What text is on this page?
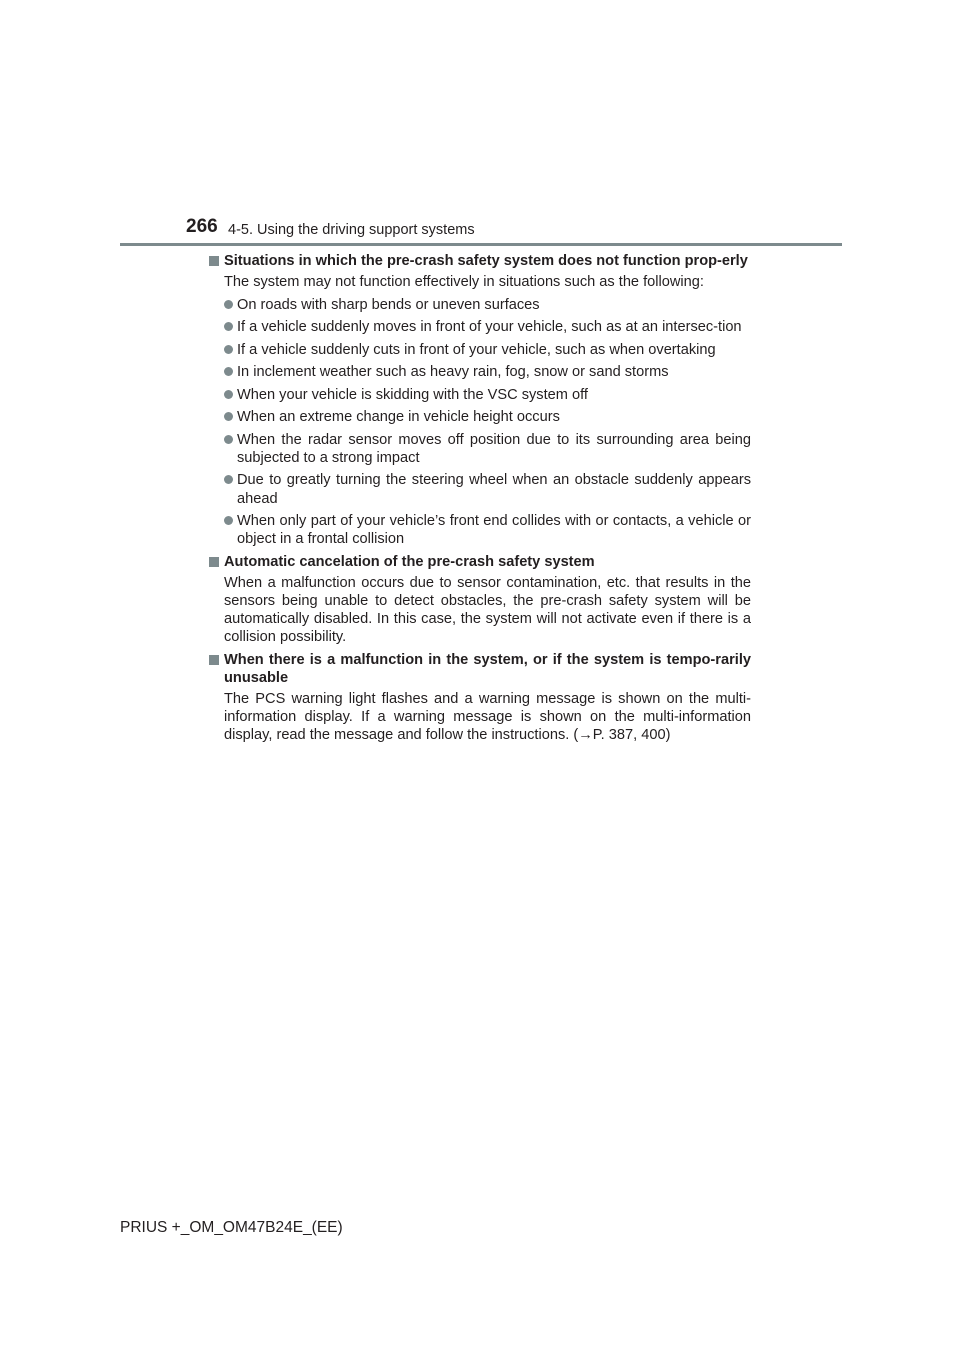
266 4-5. Using the driving support systems
Situations in which the pre-crash safety system does not function prop-erly
The system may not function effectively in situations such as the following:
On roads with sharp bends or uneven surfaces
If a vehicle suddenly moves in front of your vehicle, such as at an intersec-tion
If a vehicle suddenly cuts in front of your vehicle, such as when overtaking
In inclement weather such as heavy rain, fog, snow or sand storms
When your vehicle is skidding with the VSC system off
When an extreme change in vehicle height occurs
When the radar sensor moves off position due to its surrounding area being subjected to a strong impact
Due to greatly turning the steering wheel when an obstacle suddenly appears ahead
When only part of your vehicle’s front end collides with or contacts, a vehicle or object in a frontal collision
Automatic cancelation of the pre-crash safety system
When a malfunction occurs due to sensor contamination, etc. that results in the sensors being unable to detect obstacles, the pre-crash safety system will be automatically disabled. In this case, the system will not activate even if there is a collision possibility.
When there is a malfunction in the system, or if the system is tempo-rarily unusable
The PCS warning light flashes and a warning message is shown on the multi-information display. If a warning message is shown on the multi-information display, read the message and follow the instructions. (→P. 387, 400)
PRIUS +_OM_OM47B24E_(EE)
